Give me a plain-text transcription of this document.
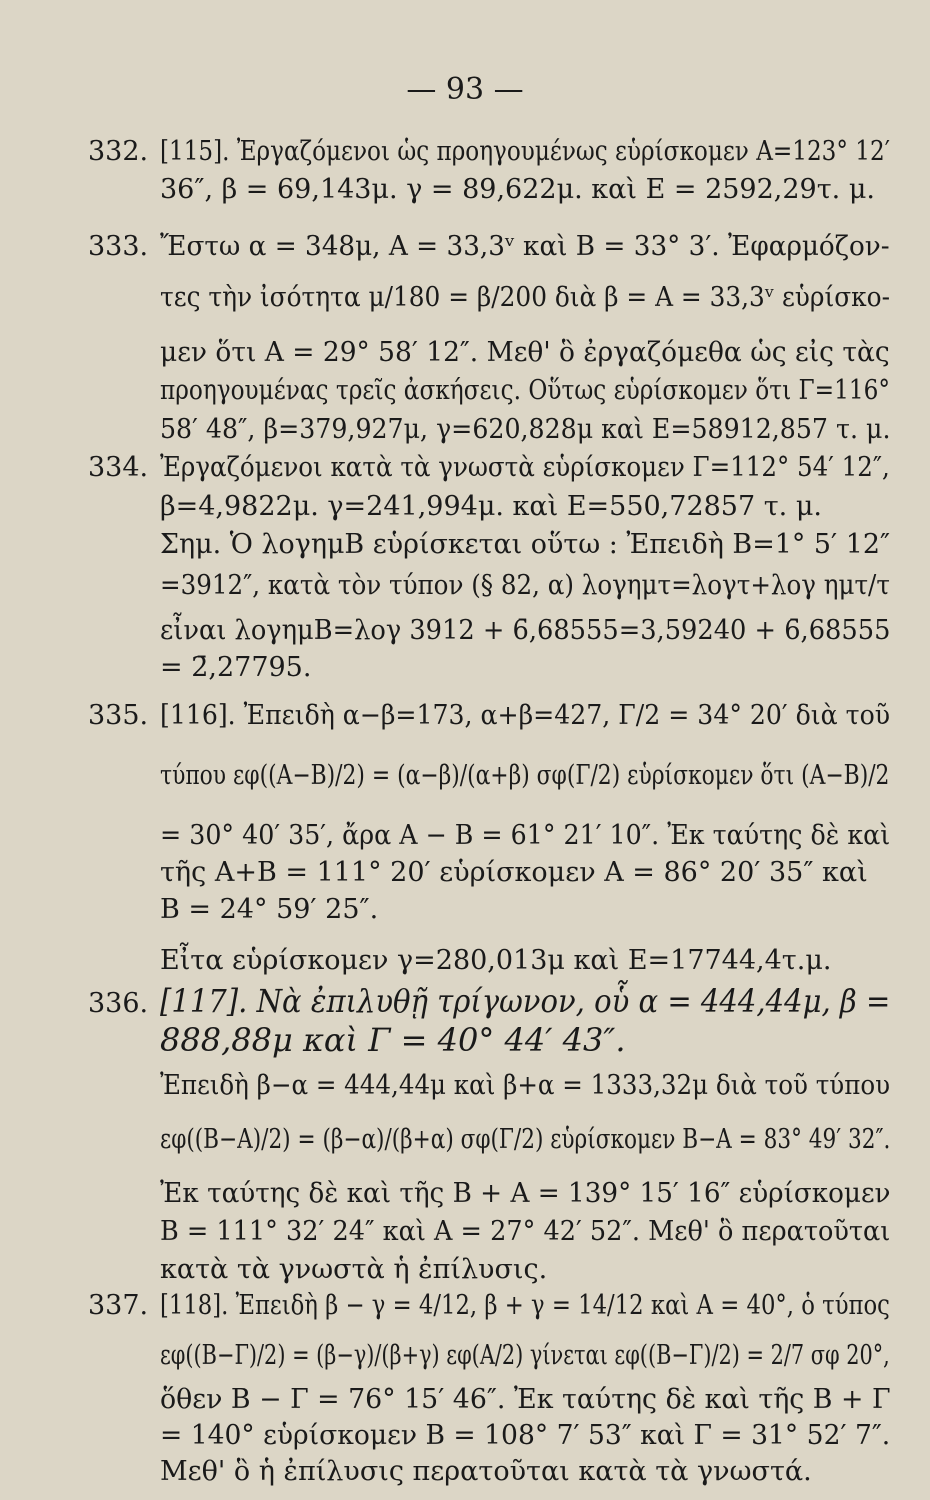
— 93 —
332. [115]. Ἐργαζόμενοι ὡς προηγουμένως εὑρίσκομεν A=123° 12′
36″, β = 69,143μ. γ = 89,622μ. καὶ E = 2592,29τ. μ.
333. Ἔστω α = 348μ, A = 33,3ᵛ καὶ B = 33° 3′. Ἐφαρμόζον-
τες τὴν ἰσότητα μ/180 = β/200 διὰ β = A = 33,3ᵛ εὑρίσκο-
μεν ὅτι A = 29° 58′ 12″. Μεθ' ὃ ἐργαζόμεθα ὡς εἰς τὰς
προηγουμένας τρεῖς ἀσκήσεις. Οὕτως εὑρίσκομεν ὅτι Γ=116°
58′ 48″, β=379,927μ, γ=620,828μ καὶ E=58912,857 τ. μ.
334. Ἐργαζόμενοι κατὰ τὰ γνωστὰ εὑρίσκομεν Γ=112° 54′ 12″,
β=4,9822μ. γ=241,994μ. καὶ E=550,72857 τ. μ.
Σημ. Ὁ λογημB εὑρίσκεται οὕτω : Ἐπειδὴ B=1° 5′ 12″
=3912″, κατὰ τὸν τύπον (§ 82, α) λογημτ=λογτ+λογ ημτ/τ
εἶναι λογημB=λογ 3912 + 6̄,68555=3,59240 + 6̄,68555
= 2̄,27795.
335. [116]. Ἐπειδὴ α−β=173, α+β=427, Γ/2 = 34° 20′ διὰ τοῦ
τύπου εφ((A−B)/2) = (α−β)/(α+β) σφ(Γ/2) εὑρίσκομεν ὅτι (A−B)/2
= 30° 40′ 35′, ἄρα A − B = 61° 21′ 10″. Ἐκ ταύτης δὲ καὶ
τῆς A+B = 111° 20′ εὑρίσκομεν A = 86° 20′ 35″ καὶ
B = 24° 59′ 25″.
Εἶτα εὑρίσκομεν γ=280,013μ καὶ E=17744,4τ.μ.
336. [117]. Νὰ ἐπιλυθῇ τρίγωνον, οὗ α = 444,44μ, β =
888,88μ καὶ Γ = 40° 44′ 43″.
Ἐπειδὴ β−α = 444,44μ καὶ β+α = 1333,32μ διὰ τοῦ τύπου
εφ((B−A)/2) = (β−α)/(β+α) σφ(Γ/2) εὑρίσκομεν B−A = 83° 49′ 32″.
Ἐκ ταύτης δὲ καὶ τῆς B + A = 139° 15′ 16″ εὑρίσκομεν
B = 111° 32′ 24″ καὶ A = 27° 42′ 52″. Μεθ' ὃ περατοῦται
κατὰ τὰ γνωστὰ ἡ ἐπίλυσις.
337. [118]. Ἐπειδὴ β − γ = 4/12, β + γ = 14/12 καὶ A = 40°, ὁ τύπος
εφ((B−Γ)/2) = (β−γ)/(β+γ) εφ(A/2) γίνεται εφ((B−Γ)/2) = 2/7 σφ 20°,
ὅθεν B − Γ = 76° 15′ 46″. Ἐκ ταύτης δὲ καὶ τῆς B + Γ
= 140° εὑρίσκομεν B = 108° 7′ 53″ καὶ Γ = 31° 52′ 7″.
Μεθ' ὃ ἡ ἐπίλυσις περατοῦται κατὰ τὰ γνωστά.
